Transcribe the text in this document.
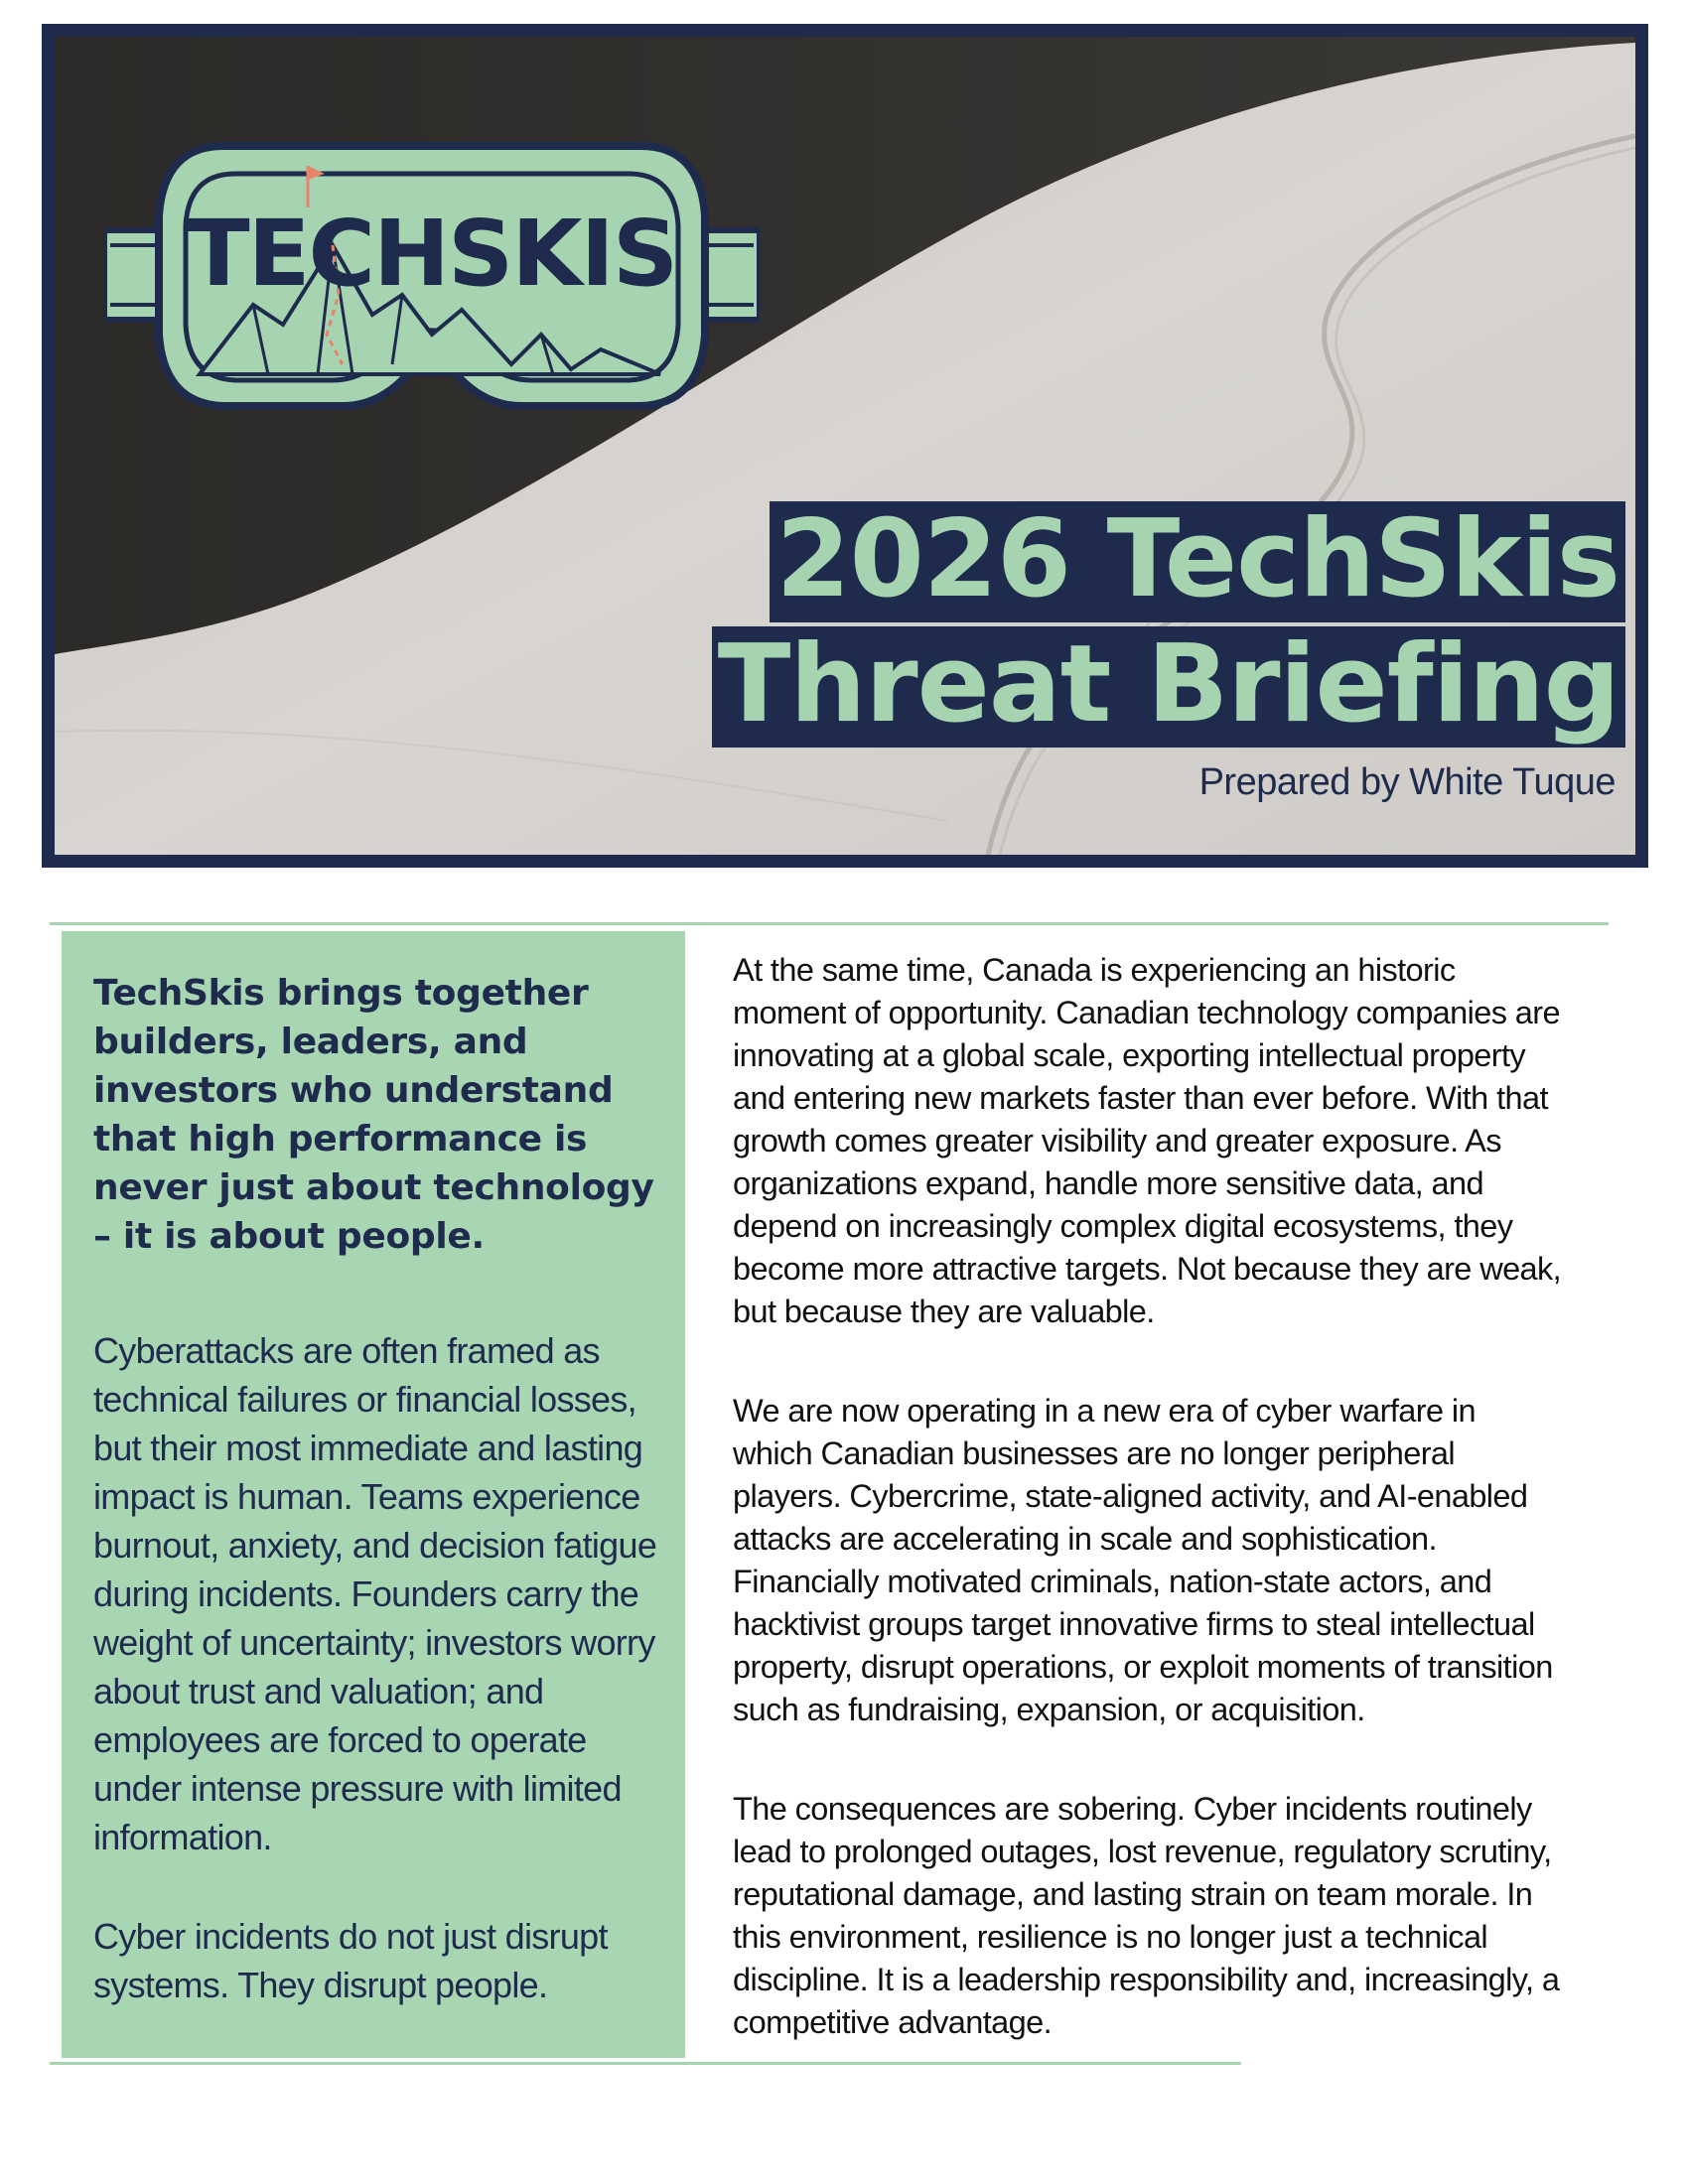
TECHSKIS
2026 TechSkis
Threat Briefing
Prepared by White Tuque

TechSkis brings together builders, leaders, and investors who understand that high performance is never just about technology – it is about people.

Cyberattacks are often framed as technical failures or financial losses, but their most immediate and lasting impact is human. Teams experience burnout, anxiety, and decision fatigue during incidents. Founders carry the weight of uncertainty; investors worry about trust and valuation; and employees are forced to operate under intense pressure with limited information.

Cyber incidents do not just disrupt systems. They disrupt people.

At the same time, Canada is experiencing an historic moment of opportunity. Canadian technology companies are innovating at a global scale, exporting intellectual property and entering new markets faster than ever before. With that growth comes greater visibility and greater exposure. As organizations expand, handle more sensitive data, and depend on increasingly complex digital ecosystems, they become more attractive targets. Not because they are weak, but because they are valuable.

We are now operating in a new era of cyber warfare in which Canadian businesses are no longer peripheral players. Cybercrime, state-aligned activity, and AI-enabled attacks are accelerating in scale and sophistication. Financially motivated criminals, nation-state actors, and hacktivist groups target innovative firms to steal intellectual property, disrupt operations, or exploit moments of transition such as fundraising, expansion, or acquisition.

The consequences are sobering. Cyber incidents routinely lead to prolonged outages, lost revenue, regulatory scrutiny, reputational damage, and lasting strain on team morale. In this environment, resilience is no longer just a technical discipline. It is a leadership responsibility and, increasingly, a competitive advantage.
